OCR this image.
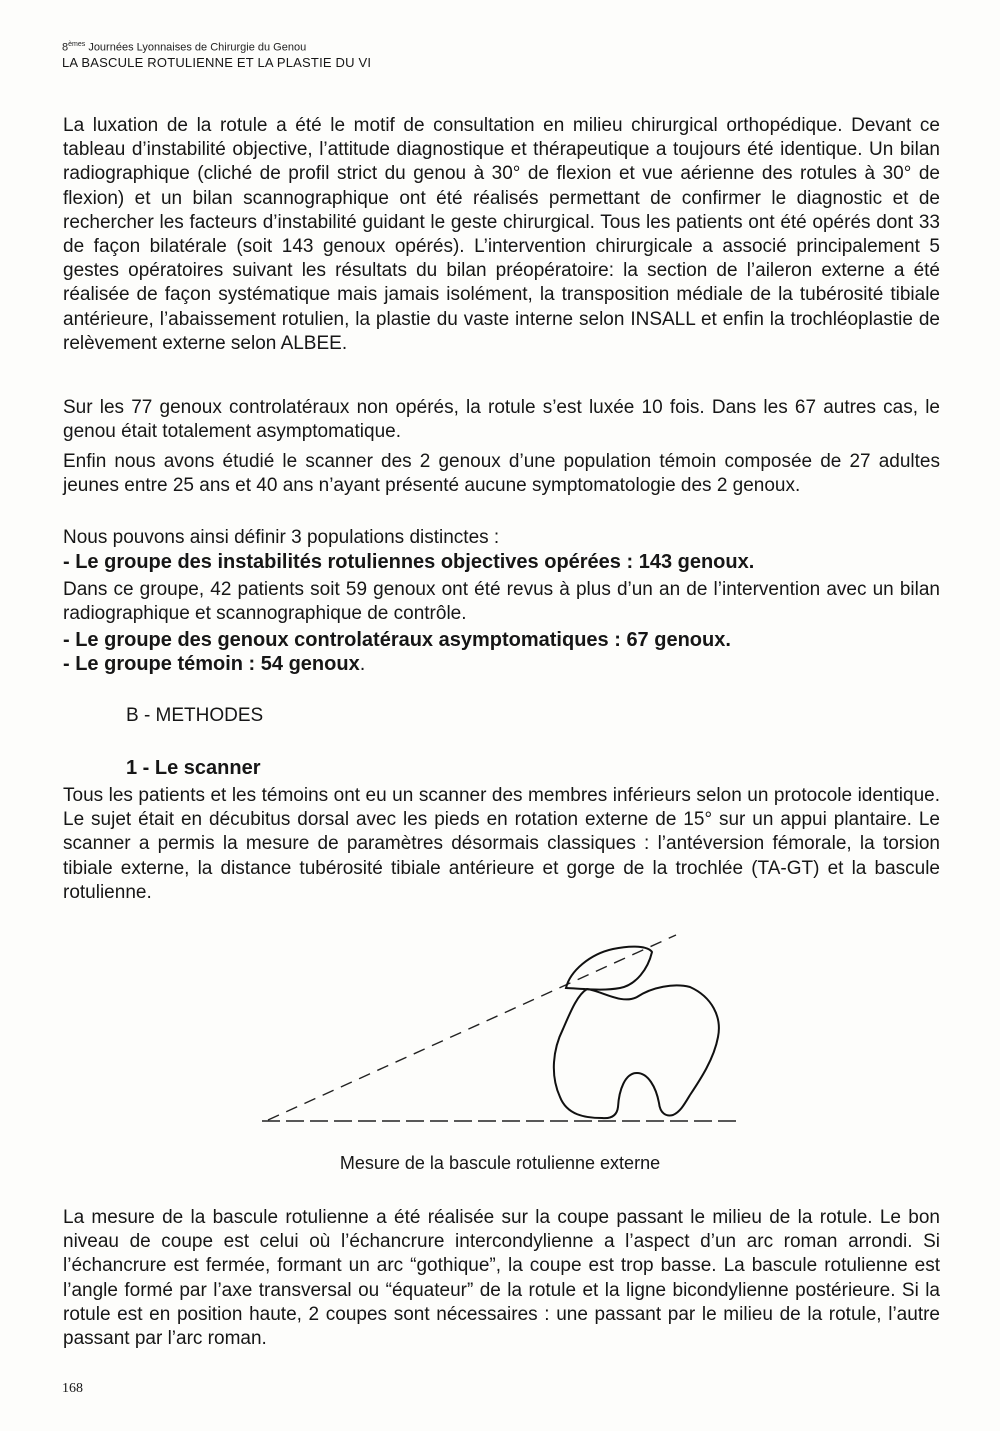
8èmes Journées Lyonnaises de Chirurgie du Genou
LA BASCULE ROTULIENNE ET LA PLASTIE DU VI

La luxation de la rotule a été le motif de consultation en milieu chirurgical orthopédique. Devant ce tableau d’instabilité objective, l’attitude diagnostique et thérapeutique a toujours été identique. Un bilan radiographique (cliché de profil strict du genou à 30° de flexion et vue aérienne des rotules à 30° de flexion) et un bilan scannographique ont été réalisés permettant de confirmer le diagnostic et de rechercher les facteurs d’instabilité guidant le geste chirurgical. Tous les patients ont été opérés dont 33 de façon bilatérale (soit 143 genoux opérés). L’intervention chirurgicale a associé principalement 5 gestes opératoires suivant les résultats du bilan préopératoire: la section de l’aileron externe a été réalisée de façon systématique mais jamais isolément, la transposition médiale de la tubérosité tibiale antérieure, l’abaissement rotulien, la plastie du vaste interne selon INSALL et enfin la trochléoplastie de relèvement externe selon ALBEE.

Sur les 77 genoux controlatéraux non opérés, la rotule s’est luxée 10 fois. Dans les 67 autres cas, le genou était totalement asymptomatique.

Enfin nous avons étudié le scanner des 2 genoux d’une population témoin composée de 27 adultes jeunes entre 25 ans et 40 ans n’ayant présenté aucune symptomatologie des 2 genoux.

Nous pouvons ainsi définir 3 populations distinctes :

- Le groupe des instabilités rotuliennes objectives opérées : 143 genoux.

Dans ce groupe, 42 patients soit 59 genoux ont été revus à plus d’un an de l’intervention avec un bilan radiographique et scannographique de contrôle.

- Le groupe des genoux controlatéraux asymptomatiques : 67 genoux.

- Le groupe témoin : 54 genoux.

B - METHODES
1 - Le scanner

Tous les patients et les témoins ont eu un scanner des membres inférieurs selon un protocole identique. Le sujet était en décubitus dorsal avec les pieds en rotation externe de 15° sur un appui plantaire. Le scanner a permis la mesure de paramètres désormais classiques : l’antéversion fémorale, la torsion tibiale externe, la distance tubérosité tibiale antérieure et gorge de la trochlée (TA-GT) et la bascule rotulienne.

Mesure de la bascule rotulienne externe

La mesure de la bascule rotulienne a été réalisée sur la coupe passant le milieu de la rotule. Le bon niveau de coupe est celui où l’échancrure intercondylienne a l’aspect d’un arc roman arrondi. Si l’échancrure est fermée, formant un arc “gothique”, la coupe est trop basse. La bascule rotulienne est l’angle formé par l’axe transversal ou “équateur” de la rotule et la ligne bicondylienne postérieure. Si la rotule est en position haute, 2 coupes sont nécessaires : une passant par le milieu de la rotule, l’autre passant par l’arc roman.

168
